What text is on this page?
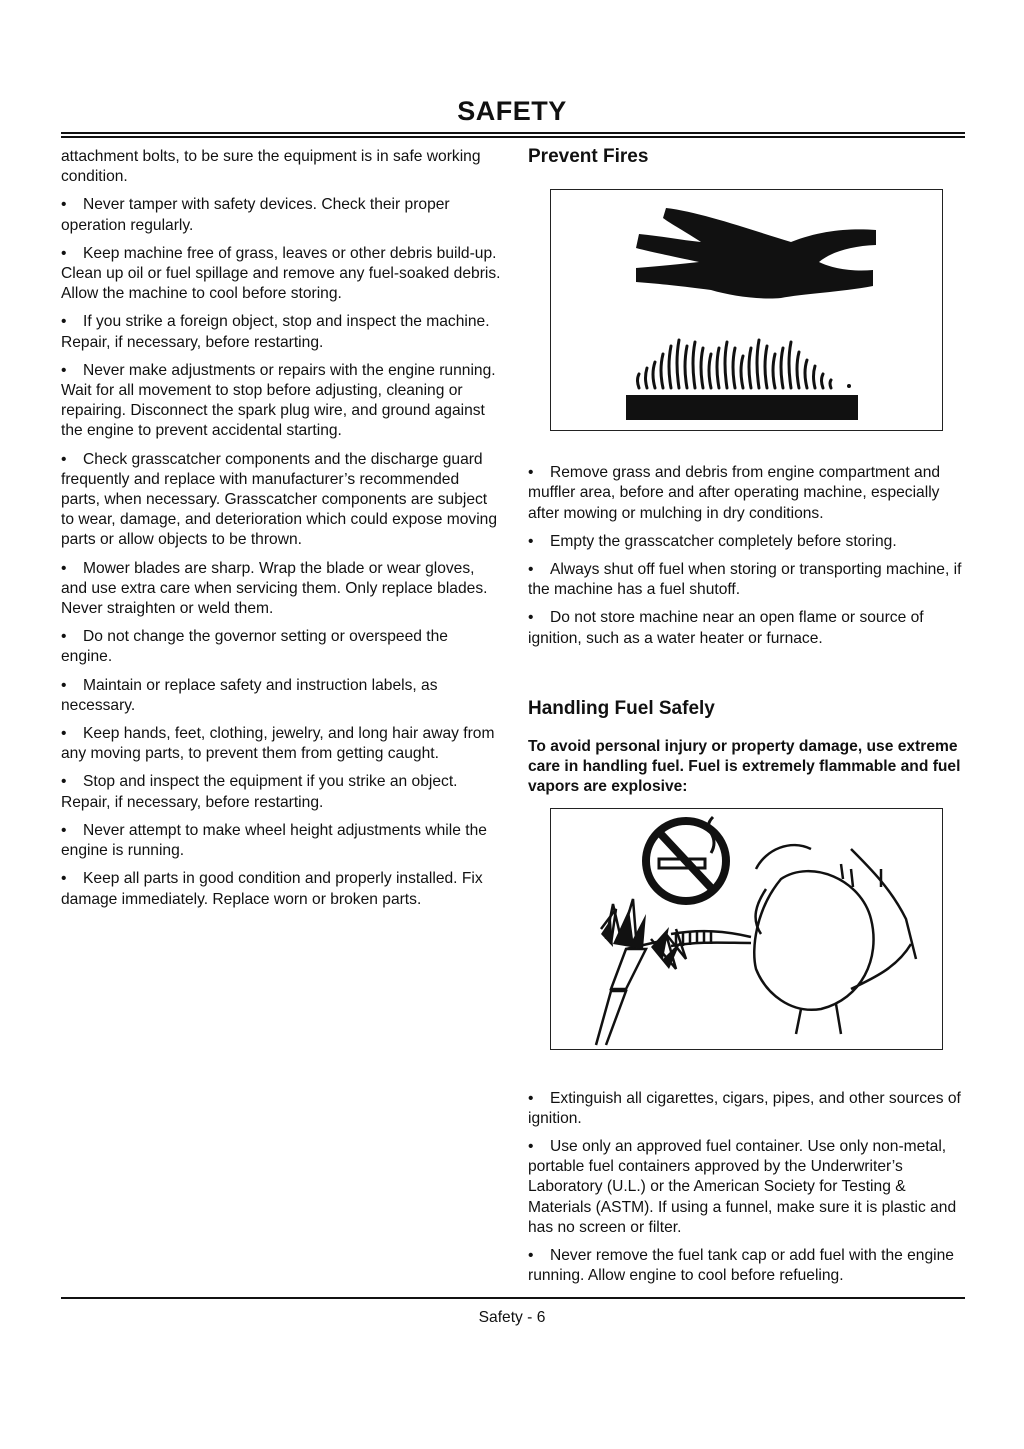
SAFETY

attachment bolts, to be sure the equipment is in safe working condition.

• Never tamper with safety devices. Check their proper operation regularly.

• Keep machine free of grass, leaves or other debris build-up. Clean up oil or fuel spillage and remove any fuel-soaked debris. Allow the machine to cool before storing.

• If you strike a foreign object, stop and inspect the machine. Repair, if necessary, before restarting.

• Never make adjustments or repairs with the engine running. Wait for all movement to stop before adjusting, cleaning or repairing. Disconnect the spark plug wire, and ground against the engine to prevent accidental starting.

• Check grasscatcher components and the discharge guard frequently and replace with manufacturer’s recommended parts, when necessary. Grasscatcher components are subject to wear, damage, and deterioration which could expose moving parts or allow objects to be thrown.

• Mower blades are sharp. Wrap the blade or wear gloves, and use extra care when servicing them. Only replace blades. Never straighten or weld them.

• Do not change the governor setting or overspeed the engine.

• Maintain or replace safety and instruction labels, as necessary.

• Keep hands, feet, clothing, jewelry, and long hair away from any moving parts, to prevent them from getting caught.

• Stop and inspect the equipment if you strike an object. Repair, if necessary, before restarting.

• Never attempt to make wheel height adjustments while the engine is running.

• Keep all parts in good condition and properly installed. Fix damage immediately. Replace worn or broken parts.

Prevent Fires

• Remove grass and debris from engine compartment and muffler area, before and after operating machine, especially after mowing or mulching in dry conditions.

• Empty the grasscatcher completely before storing.

• Always shut off fuel when storing or transporting machine, if the machine has a fuel shutoff.

• Do not store machine near an open flame or source of ignition, such as a water heater or furnace.

Handling Fuel Safely

To avoid personal injury or property damage, use extreme care in handling fuel. Fuel is extremely flammable and fuel vapors are explosive:

• Extinguish all cigarettes, cigars, pipes, and other sources of ignition.

• Use only an approved fuel container. Use only non-metal, portable fuel containers approved by the Underwriter’s Laboratory (U.L.) or the American Society for Testing & Materials (ASTM). If using a funnel, make sure it is plastic and has no screen or filter.

• Never remove the fuel tank cap or add fuel with the engine running. Allow engine to cool before refueling.

Safety - 6
